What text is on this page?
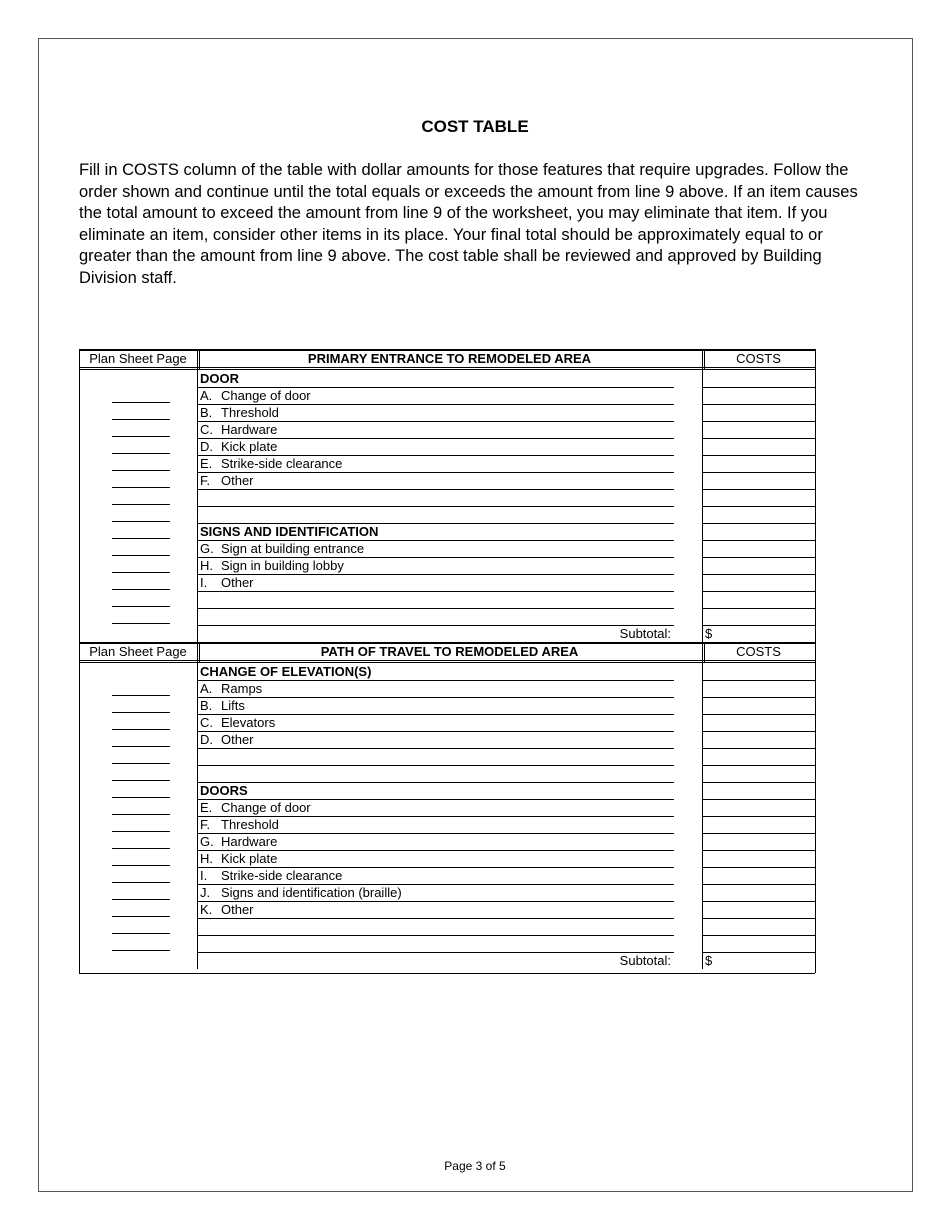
COST TABLE

Fill in COSTS column of the table with dollar amounts for those features that require upgrades. Follow the order shown and continue until the total equals or exceeds the amount from line 9 above. If an item causes the total amount to exceed the amount from line 9 of the worksheet, you may eliminate that item. If you eliminate an item, consider other items in its place. Your final total should be approximately equal to or greater than the amount from line 9 above. The cost table shall be reviewed and approved by Building Division staff.

Plan Sheet Page	PRIMARY ENTRANCE TO REMODELED AREA	COSTS
DOOR
A. Change of door
B. Threshold
C. Hardware
D. Kick plate
E. Strike-side clearance
F. Other
SIGNS AND IDENTIFICATION
G. Sign at building entrance
H. Sign in building lobby
I. Other
Subtotal:	$
Plan Sheet Page	PATH OF TRAVEL TO REMODELED AREA	COSTS
CHANGE OF ELEVATION(S)
A. Ramps
B. Lifts
C. Elevators
D. Other
DOORS
E. Change of door
F. Threshold
G. Hardware
H. Kick plate
I. Strike-side clearance
J. Signs and identification (braille)
K. Other
Subtotal:	$
Page 3 of 5
